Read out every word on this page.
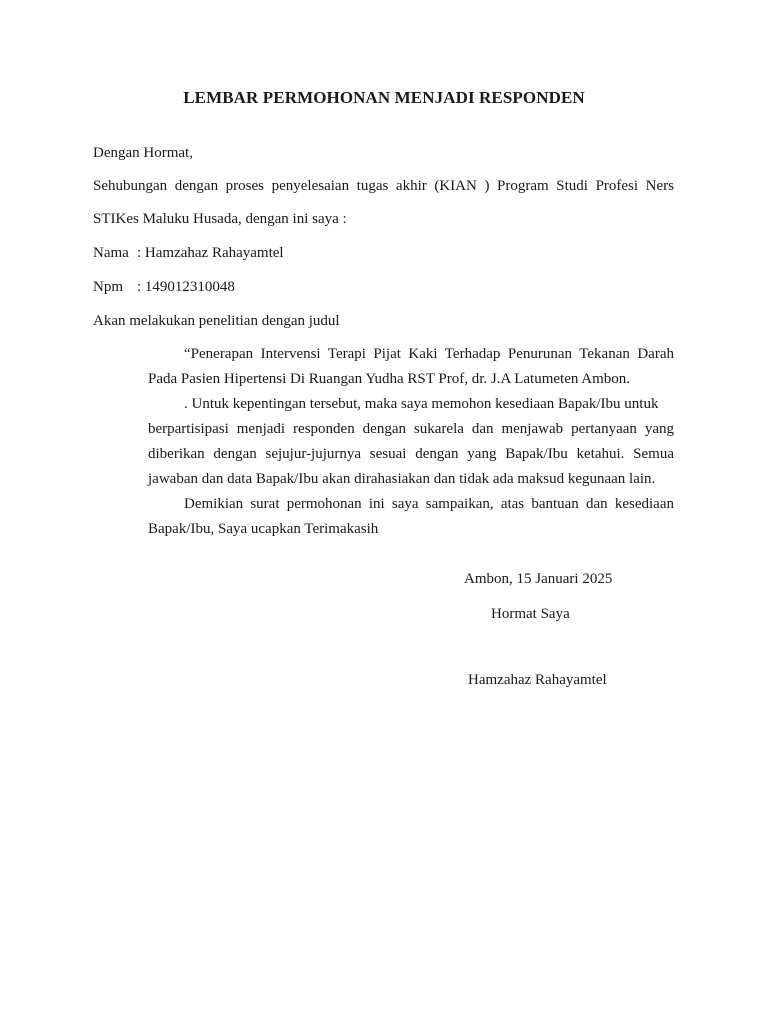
LEMBAR PERMOHONAN MENJADI RESPONDEN
Dengan Hormat,
Sehubungan dengan proses penyelesaian tugas akhir (KIAN ) Program Studi Profesi Ners
STIKes Maluku Husada, dengan ini saya :
Nama : Hamzahaz Rahayamtel
Npm : 149012310048
Akan melakukan penelitian dengan judul
“Penerapan Intervensi Terapi Pijat Kaki Terhadap Penurunan Tekanan Darah
Pada Pasien Hipertensi Di Ruangan Yudha RST Prof, dr. J.A Latumeten Ambon.
. Untuk kepentingan tersebut, maka saya memohon kesediaan Bapak/Ibu untuk
berpartisipasi menjadi responden dengan sukarela dan menjawab pertanyaan yang
diberikan dengan sejujur-jujurnya sesuai dengan yang Bapak/Ibu ketahui. Semua
jawaban dan data Bapak/Ibu akan dirahasiakan dan tidak ada maksud kegunaan lain.
Demikian surat permohonan ini saya sampaikan, atas bantuan dan kesediaan
Bapak/Ibu, Saya ucapkan Terimakasih
Ambon, 15 Januari 2025
Hormat Saya
Hamzahaz Rahayamtel
